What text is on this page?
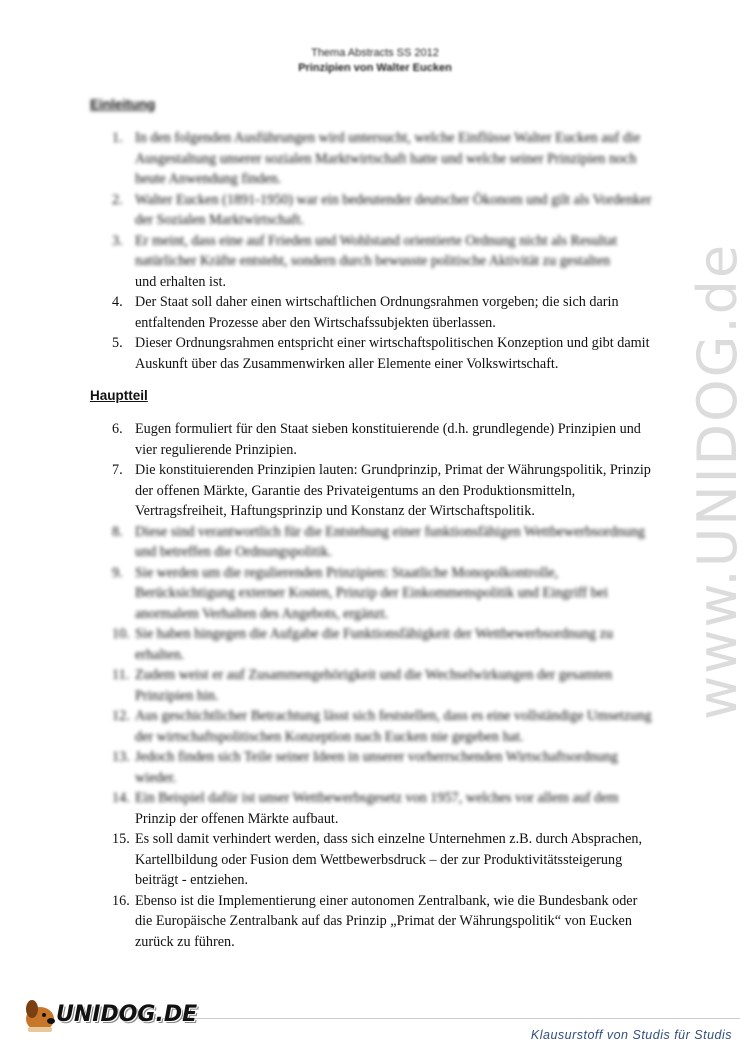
Thema Abstracts SS 2012
Prinzipien von Walter Eucken
Einleitung
1. In den folgenden Ausführungen wird untersucht, welche Einflüsse Walter Eucken auf die Ausgestaltung unserer sozialen Marktwirtschaft hatte und welche seiner Prinzipien noch heute Anwendung finden.
2. Walter Eucken (1891-1950) war ein bedeutender deutscher Ökonom und gilt als Vordenker der Sozialen Marktwirtschaft.
3. Er meint, dass eine auf Frieden und Wohlstand orientierte Ordnung nicht als Resultat natürlicher Kräfte entsteht, sondern durch bewusste politische Aktivität zu gestalten
und erhalten ist.
4. Der Staat soll daher einen wirtschaftlichen Ordnungsrahmen vorgeben; die sich darin entfaltenden Prozesse aber den Wirtschafssubjekten überlassen.
5. Dieser Ordnungsrahmen entspricht einer wirtschaftspolitischen Konzeption und gibt damit Auskunft über das Zusammenwirken aller Elemente einer Volkswirtschaft.
Hauptteil
6. Eugen formuliert für den Staat sieben konstituierende (d.h. grundlegende) Prinzipien und vier regulierende Prinzipien.
7. Die konstituierenden Prinzipien lauten: Grundprinzip, Primat der Währungspolitik, Prinzip der offenen Märkte, Garantie des Privateigentums an den Produktionsmitteln, Vertragsfreiheit, Haftungsprinzip und Konstanz der Wirtschaftspolitik.
8. Diese sind verantwortlich für die Entstehung einer funktionsfähigen Wettbewerbsordnung und betreffen die Ordnungspolitik.
9. Sie werden um die regulierenden Prinzipien: Staatliche Monopolkontrolle, Berücksichtigung externer Kosten, Prinzip der Einkommenspolitik und Eingriff bei anormalem Verhalten des Angebots, ergänzt.
10. Sie haben hingegen die Aufgabe die Funktionsfähigkeit der Wettbewerbsordnung zu erhalten.
11. Zudem weist er auf Zusammengehörigkeit und die Wechselwirkungen der gesamten Prinzipien hin.
12. Aus geschichtlicher Betrachtung lässt sich feststellen, dass es eine vollständige Umsetzung der wirtschaftspolitischen Konzeption nach Eucken nie gegeben hat.
13. Jedoch finden sich Teile seiner Ideen in unserer vorherrschenden Wirtschaftsordnung wieder.
14. Ein Beispiel dafür ist unser Wettbewerbsgesetz von 1957, welches vor allem auf dem
Prinzip der offenen Märkte aufbaut.
15. Es soll damit verhindert werden, dass sich einzelne Unternehmen z.B. durch Absprachen, Kartellbildung oder Fusion dem Wettbewerbsdruck – der zur Produktivitätssteigerung beiträgt - entziehen.
16. Ebenso ist die Implementierung einer autonomen Zentralbank, wie die Bundesbank oder die Europäische Zentralbank auf das Prinzip „Primat der Währungspolitik“ von Eucken zurück zu führen.
www.UNIDOG.de
UNIDOG.DE
Klausurstoff von Studis für Studis
